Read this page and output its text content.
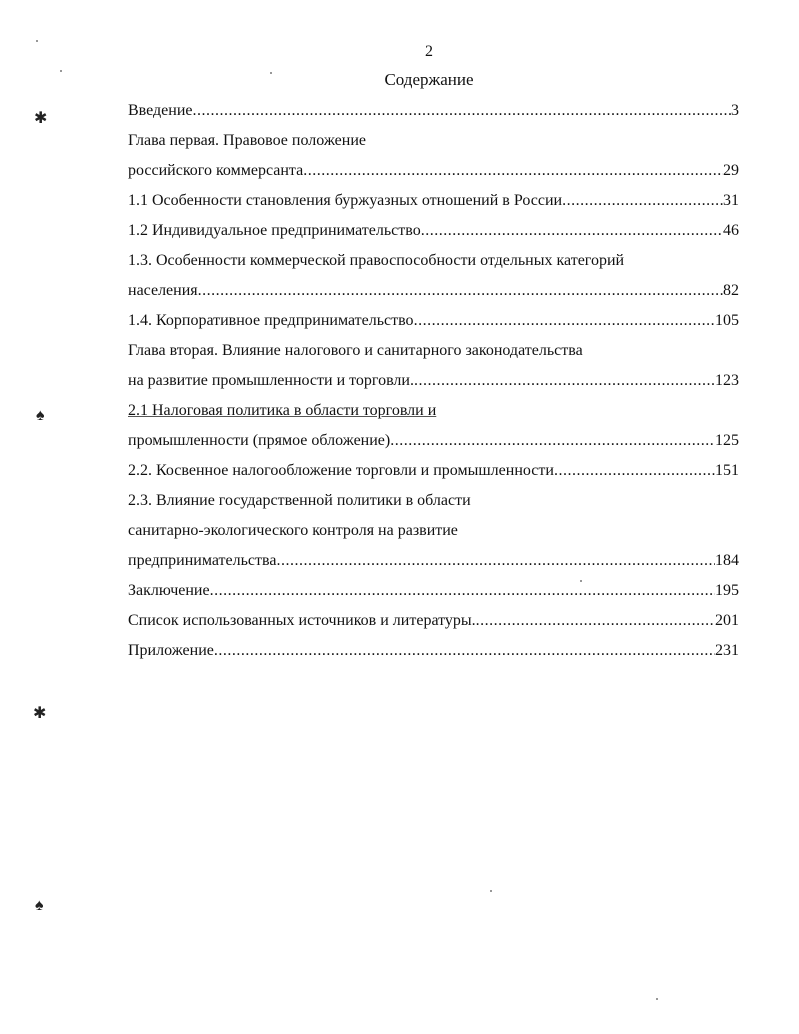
2
Содержание
Введение .....	3
Глава первая. Правовое положение
российского коммерсанта .....	29
1.1 Особенности становления буржуазных отношений в России .....	31
1.2 Индивидуальное предпринимательство .....	46
1.3. Особенности коммерческой правоспособности отдельных категорий
населения .....	82
1.4. Корпоративное предпринимательство .....	105
Глава вторая. Влияние налогового и санитарного законодательства
на развитие промышленности и торговли. .....	123
2.1 Налоговая политика в области торговли и
промышленности (прямое обложение) .....	125
2.2. Косвенное налогообложение торговли и промышленности .....	151
2.3. Влияние государственной политики в области
санитарно-экологического контроля на развитие
предпринимательства .....	184
Заключение .....	195
Список использованных источников и литературы. .....	201
Приложение .....	231
✱
♠
✱
♠
